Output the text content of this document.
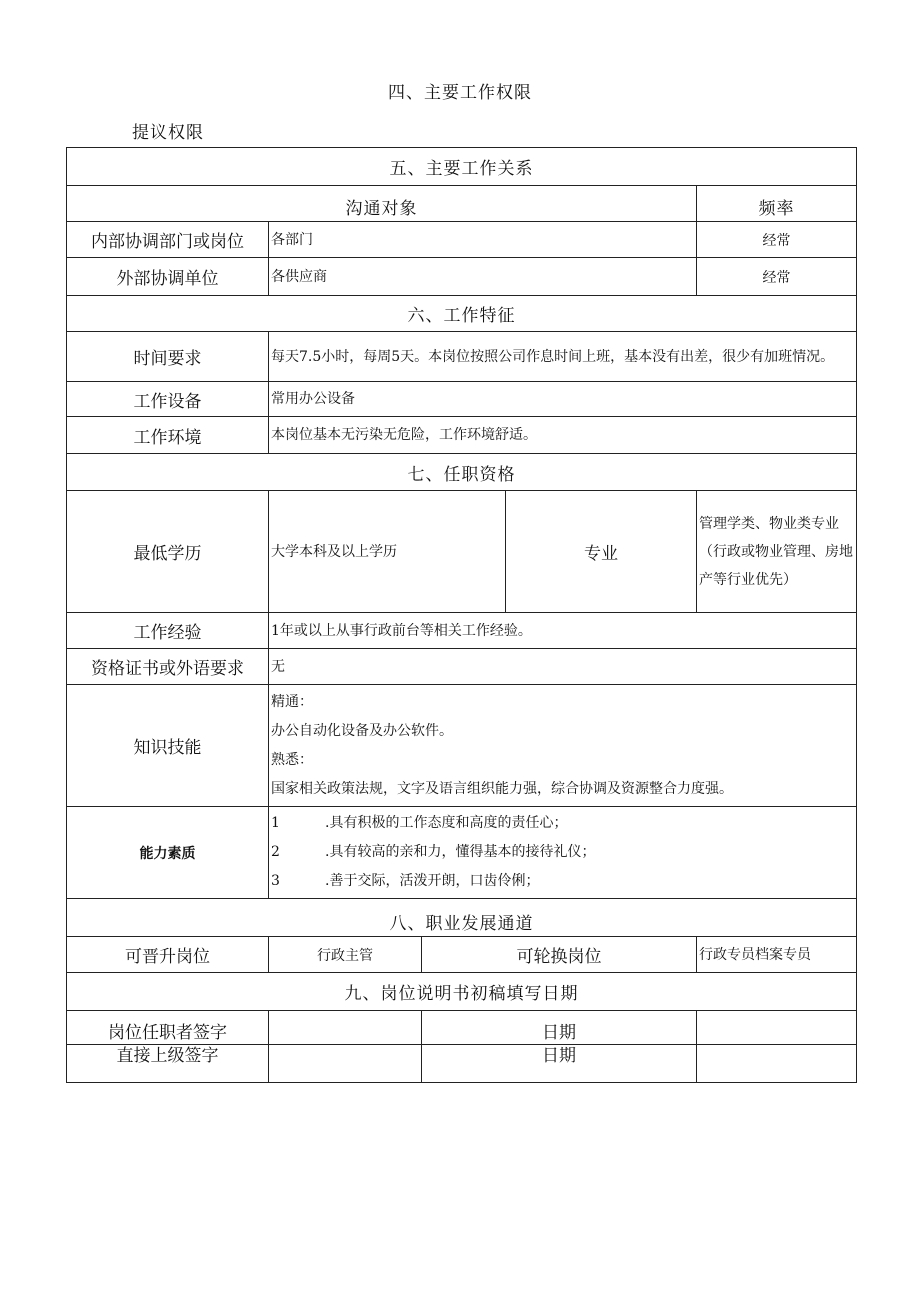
四、主要工作权限
提议权限
五、主要工作关系				
沟通对象				频率
内部协调部门或岗位	各部门			经常
外部协调单位	各供应商			经常
六、工作特征				
时间要求	每天7.5小时，每周5天。本岗位按照公司作息时间上班，基本没有出差，很少有加班情况。			
工作设备	常用办公设备			
工作环境	本岗位基本无污染无危险，工作环境舒适。			
七、任职资格				
最低学历	大学本科及以上学历		专业	管理学类、物业类专业（行政或物业管理、房地产等行业优先）
工作经验	1年或以上从事行政前台等相关工作经验。			
资格证书或外语要求	无			
知识技能	精通：

办公自动化设备及办公软件。

熟悉：

国家相关政策法规，文字及语言组织能力强，综合协调及资源整合力度强。			

能力素质	1 .具有积极的工作态度和高度的责任心；
2 .具有较高的亲和力，懂得基本的接待礼仪；
3 .善于交际，活泼开朗，口齿伶俐；			

八、职业发展通道				
可晋升岗位	行政主管	可轮换岗位		行政专员档案专员
九、岗位说明书初稿填写日期				
岗位任职者签字		日期		
直接上级签字		日期		
